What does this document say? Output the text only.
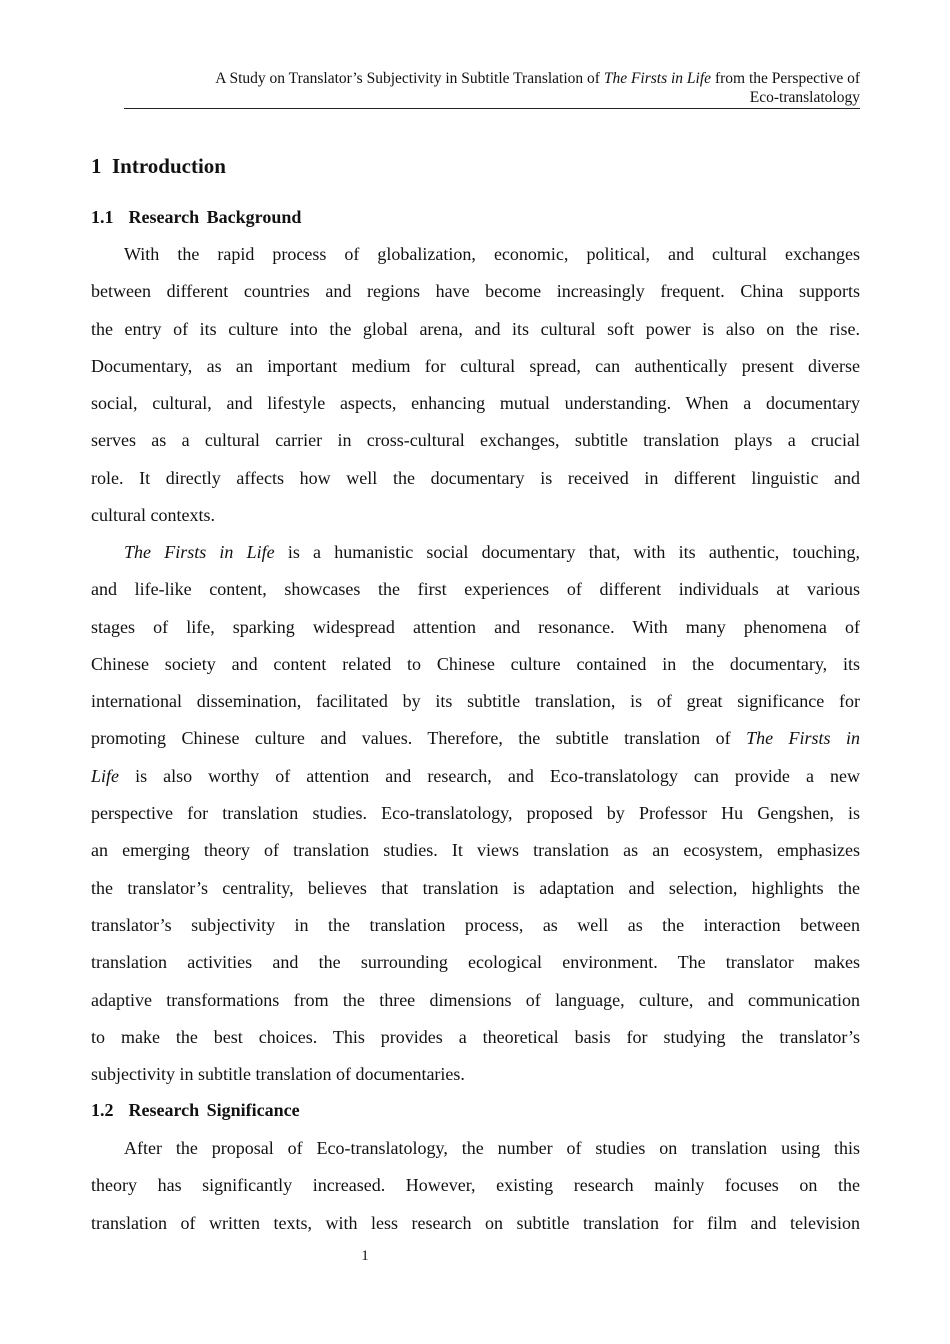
A Study on Translator’s Subjectivity in Subtitle Translation of The Firsts in Life from the Perspective of
Eco-translatology
1 Introduction
1.1 Research Background
With the rapid process of globalization, economic, political, and cultural exchanges
between different countries and regions have become increasingly frequent. China supports
the entry of its culture into the global arena, and its cultural soft power is also on the rise.
Documentary, as an important medium for cultural spread, can authentically present diverse
social, cultural, and lifestyle aspects, enhancing mutual understanding. When a documentary
serves as a cultural carrier in cross-cultural exchanges, subtitle translation plays a crucial
role. It directly affects how well the documentary is received in different linguistic and
cultural contexts.
The Firsts in Life is a humanistic social documentary that, with its authentic, touching,
and life-like content, showcases the first experiences of different individuals at various
stages of life, sparking widespread attention and resonance. With many phenomena of
Chinese society and content related to Chinese culture contained in the documentary, its
international dissemination, facilitated by its subtitle translation, is of great significance for
promoting Chinese culture and values. Therefore, the subtitle translation of The Firsts in
Life is also worthy of attention and research, and Eco-translatology can provide a new
perspective for translation studies. Eco-translatology, proposed by Professor Hu Gengshen, is
an emerging theory of translation studies. It views translation as an ecosystem, emphasizes
the translator’s centrality, believes that translation is adaptation and selection, highlights the
translator’s subjectivity in the translation process, as well as the interaction between
translation activities and the surrounding ecological environment. The translator makes
adaptive transformations from the three dimensions of language, culture, and communication
to make the best choices. This provides a theoretical basis for studying the translator’s
subjectivity in subtitle translation of documentaries.
1.2 Research Significance
After the proposal of Eco-translatology, the number of studies on translation using this
theory has significantly increased. However, existing research mainly focuses on the
translation of written texts, with less research on subtitle translation for film and television
1
